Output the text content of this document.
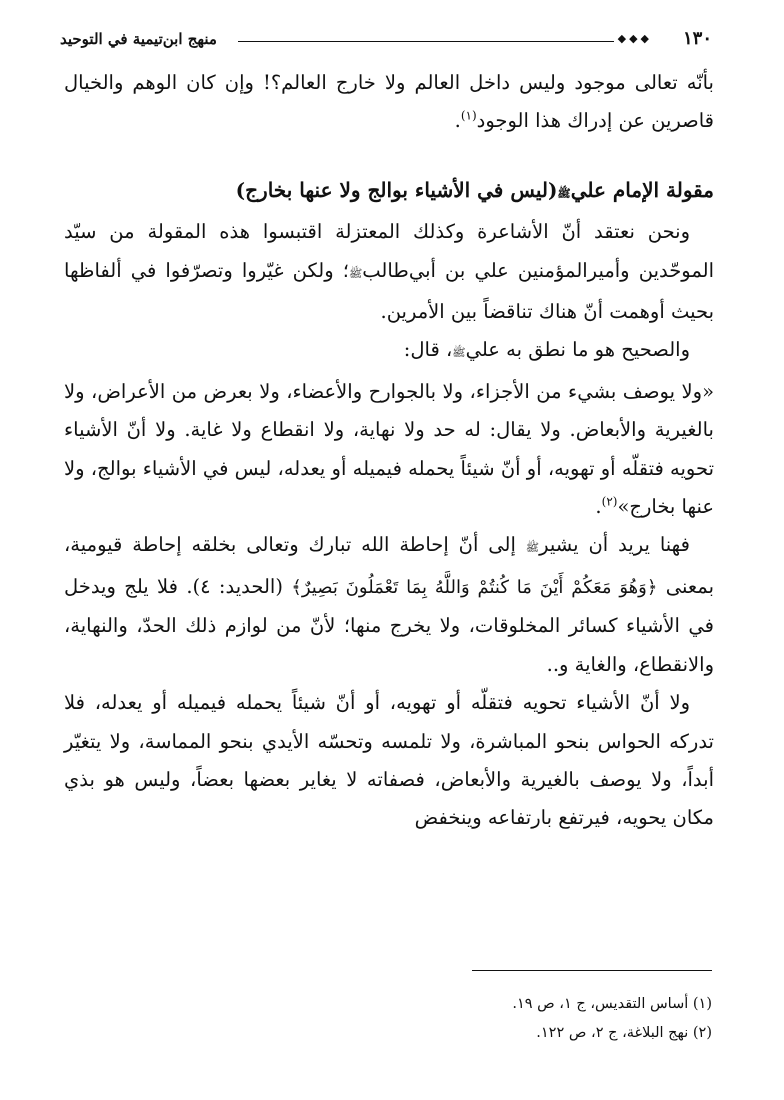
١٣٠
◆◆◆
منهج ابن‌تيمية في التوحيد

بأنّه تعالى موجود وليس داخل العالم ولا خارج العالم؟! وإن كان الوهم والخيال قاصرين عن إدراك هذا الوجود$^{(١)}$.

مقولة الإمام عليﷺ(ليس في الأشياء بوالج ولا عنها بخارج)

ونحن نعتقد أنّ الأشاعرة وكذلك المعتزلة اقتبسوا هذه المقولة من سيّد الموحّدين وأميرالمؤمنين علي بن أبي‌طالبﷺ؛ ولكن غيّروا وتصرّفوا في ألفاظها بحيث أوهمت أنّ هناك تناقضاً بين الأمرين.

والصحيح هو ما نطق به عليﷺ، قال:

«ولا يوصف بشيء من الأجزاء، ولا بالجوارح والأعضاء، ولا بعرض من الأعراض، ولا بالغيرية والأبعاض. ولا يقال: له حد ولا نهاية، ولا انقطاع ولا غاية. ولا أنّ الأشياء تحويه فتقلّه أو تهويه، أو أنّ شيئاً يحمله فيميله أو يعدله، ليس في الأشياء بوالج، ولا عنها بخارج»$^{(٢)}$.

فهنا يريد أن يشيرﷺ إلى أنّ إحاطة الله تبارك وتعالى بخلقه إحاطة قيومية، بمعنى ﴿وَهُوَ مَعَكُمْ أَيْنَ مَا كُنتُمْ وَاللَّهُ بِمَا تَعْمَلُونَ بَصِيرٌ﴾ (الحديد: ٤). فلا يلج ويدخل في الأشياء كسائر المخلوقات، ولا يخرج منها؛ لأنّ من لوازم ذلك الحدّ، والنهاية، والانقطاع، والغاية و..

ولا أنّ الأشياء تحويه فتقلّه أو تهويه، أو أنّ شيئاً يحمله فيميله أو يعدله، فلا تدركه الحواس بنحو المباشرة، ولا تلمسه وتحسّه الأيدي بنحو المماسة، ولا يتغيّر أبداً، ولا يوصف بالغيرية والأبعاض، فصفاته لا يغاير بعضها بعضاً، وليس هو بذي مكان يحويه، فيرتفع بارتفاعه وينخفض

(١) أساس التقديس، ج ١، ص ١٩.

(٢) نهج البلاغة، ج ٢، ص ١٢٢.
